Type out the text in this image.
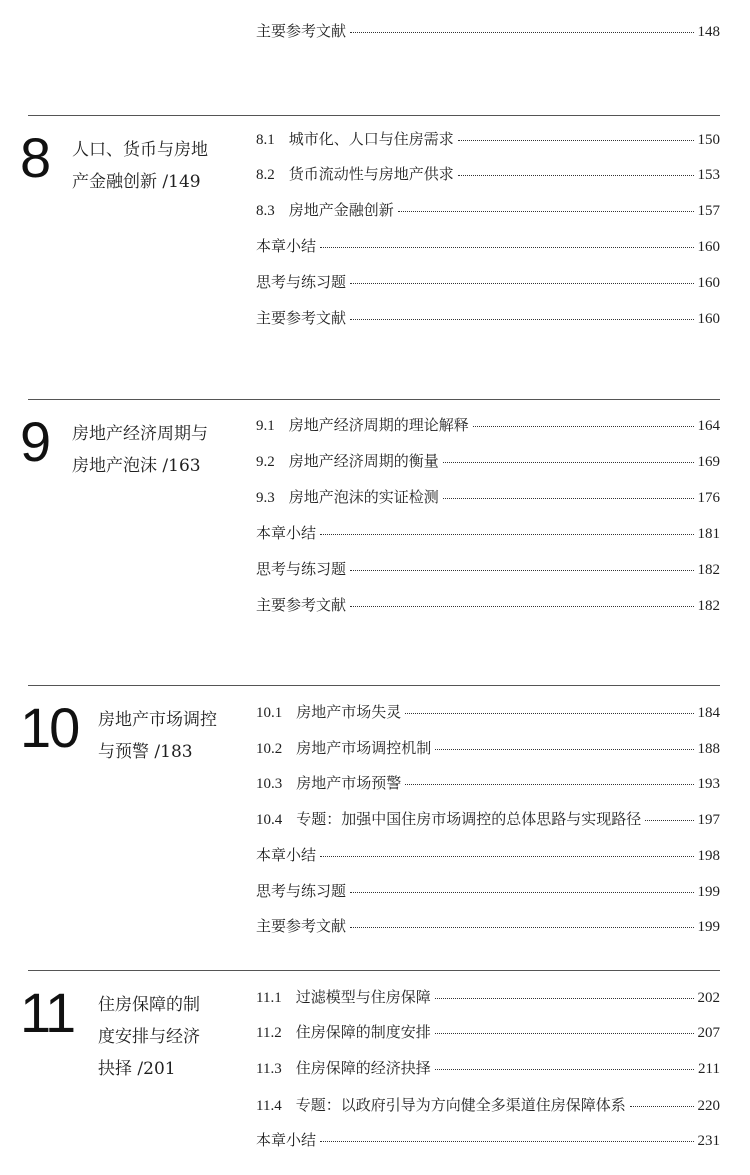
主要参考文献	148
8 人口、货币与房地
产金融创新 /149
8.1 城市化、人口与住房需求	150
8.2 货币流动性与房地产供求	153
8.3 房地产金融创新	157
本章小结	160
思考与练习题	160
主要参考文献	160
9 房地产经济周期与
房地产泡沫 /163
9.1 房地产经济周期的理论解释	164
9.2 房地产经济周期的衡量	169
9.3 房地产泡沫的实证检测	176
本章小结	181
思考与练习题	182
主要参考文献	182
10 房地产市场调控
与预警 /183
10.1 房地产市场失灵	184
10.2 房地产市场调控机制	188
10.3 房地产市场预警	193
10.4 专题：加强中国住房市场调控的总体思路与实现路径	197
本章小结	198
思考与练习题	199
主要参考文献	199
11 住房保障的制
度安排与经济
抉择 /201
11.1 过滤模型与住房保障	202
11.2 住房保障的制度安排	207
11.3 住房保障的经济抉择	211
11.4 专题：以政府引导为方向健全多渠道住房保障体系	220
本章小结	231
